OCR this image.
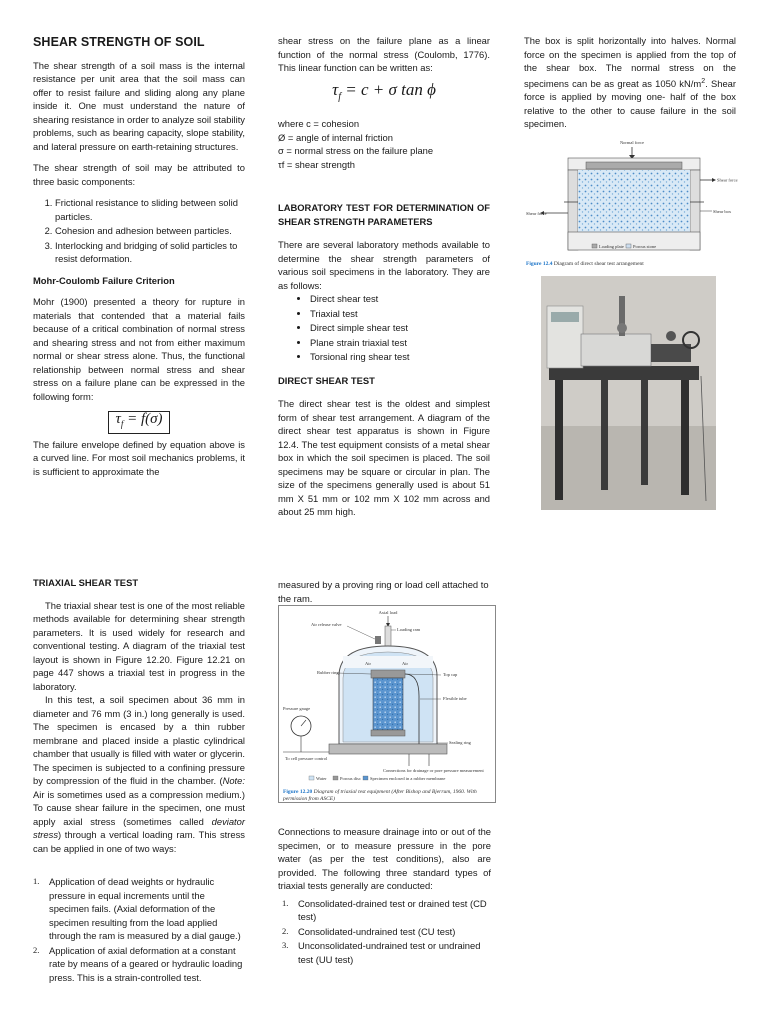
SHEAR STRENGTH OF SOIL

The shear strength of a soil mass is the internal resistance per unit area that the soil mass can offer to resist failure and sliding along any plane inside it. One must understand the nature of shearing resistance in order to analyze soil stability problems, such as bearing capacity, slope stability, and lateral pressure on earth-retaining structures.

The shear strength of soil may be attributed to three basic components:

1. Frictional resistance to sliding between solid particles.
2. Cohesion and adhesion between particles.
3. Interlocking and bridging of solid particles to resist deformation.
Mohr-Coulomb Failure Criterion

Mohr (1900) presented a theory for rupture in materials that contended that a material fails because of a critical combination of normal stress and shearing stress and not from either maximum normal or shear stress alone. Thus, the functional relationship between normal stress and shear stress on a failure plane can be expressed in the following form:

$\tau_f = f(\sigma)$

The failure envelope defined by equation above is a curved line. For most soil mechanics problems, it is sufficient to approximate the

shear stress on the failure plane as a linear function of the normal stress (Coulomb, 1776). This linear function can be written as:

$\tau_f = c + \sigma$ tan ϕ
where c = cohesion
Ø = angle of internal friction
σ = normal stress on the failure plane
τf = shear strength
LABORATORY TEST FOR DETERMINATION OF SHEAR STRENGTH PARAMETERS

There are several laboratory methods available to determine the shear strength parameters of various soil specimens in the laboratory. They are as follows:

• Direct shear test
• Triaxial test
• Direct simple shear test
• Plane strain triaxial test
• Torsional ring shear test
DIRECT SHEAR TEST

The direct shear test is the oldest and simplest form of shear test arrangement. A diagram of the direct shear test apparatus is shown in Figure 12.4. The test equipment consists of a metal shear box in which the soil specimen is placed. The soil specimens may be square or circular in plan. The size of the specimens generally used is about 51 mm X 51 mm or 102 mm X 102 mm across and about 25 mm high.

The box is split horizontally into halves. Normal force on the specimen is applied from the top of the shear box. The normal stress on the specimens can be as great as 1050 $kN/m^2$. Shear force is applied by moving one- half of the box relative to the other to cause failure in the soil specimen.

Normal force
Shear force
Shear force	Shear box
Loading plate Porous stone
Figure 12.4 Diagram of direct shear test arrangement
TRIAXIAL SHEAR TEST

The triaxial shear test is one of the most reliable methods available for determining shear strength parameters. It is used widely for research and conventional testing. A diagram of the triaxial test layout is shown in Figure 12.20. Figure 12.21 on page 447 shows a triaxial test in progress in the laboratory.

In this test, a soil specimen about 36 mm in diameter and 76 mm (3 in.) long generally is used. The specimen is encased by a thin rubber membrane and placed inside a plastic cylindrical chamber that usually is filled with water or glycerin. The specimen is subjected to a confining pressure by compression of the fluid in the chamber. (Note: Air is sometimes used as a compression medium.) To cause shear failure in the specimen, one must apply axial stress (sometimes called deviator stress) through a vertical loading ram. This stress can be applied in one of two ways:

Application of dead weights or hydraulic pressure in equal increments until the specimen fails. (Axial deformation of the specimen resulting from the load applied through the ram is measured by a dial gauge.)
Application of axial deformation at a constant rate by means of a geared or hydraulic loading press. This is a strain-controlled test.

measured by a proving ring or load cell attached to the ram.

Axial load
Loading ram
Air	Air
Air release valve
Rubber ring	Top cap
Flexible tube
Pressure gauge
Sealing ring
To cell pressure control
Connections for drainage or pore pressure measurement
Water	Porous disc Specimen enclosed in a rubber membrane
Figure 12.20 Diagram of triaxial test equipment (After Bishop and Bjerrum, 1960. With permission from ASCE)

Connections to measure drainage into or out of the specimen, or to measure pressure in the pore water (as per the test conditions), also are provided. The following three standard types of triaxial tests generally are conducted:

Consolidated-drained test or drained test (CD test)
Consolidated-undrained test (CU test)
Unconsolidated-undrained test or undrained test (UU test)
